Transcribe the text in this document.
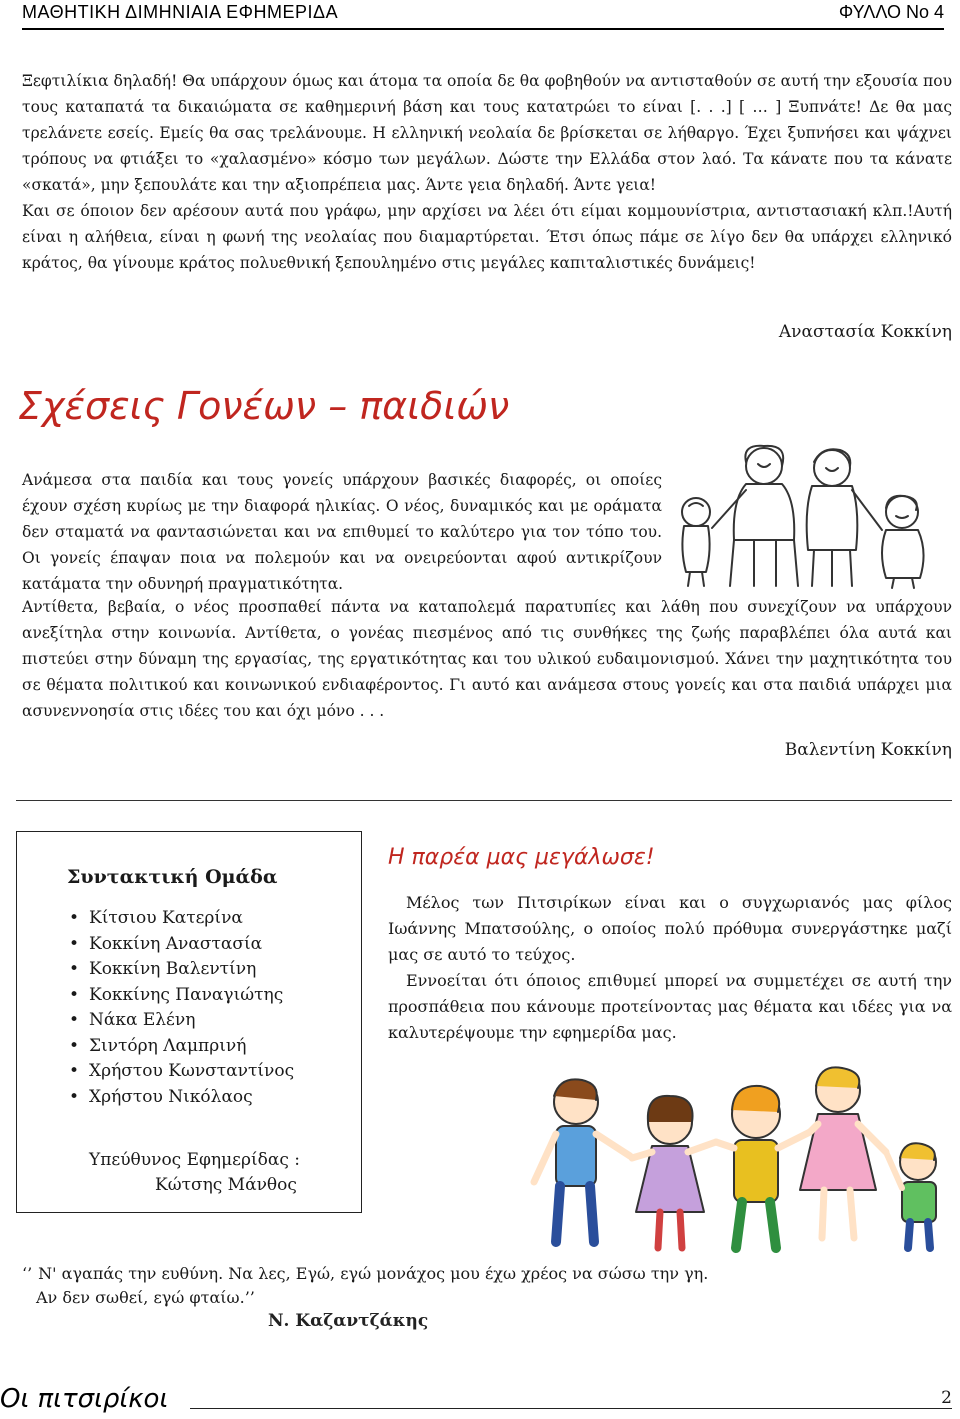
ΜΑΘΗΤΙΚΗ ΔΙΜΗΝΙΑΙΑ ΕΦΗΜΕΡΙΔΑ	ΦΥΛΛΟ Νο 4

Ξεφτιλίκια δηλαδή! Θα υπάρχουν όμως και άτομα τα οποία δε θα φοβηθούν να αντισταθούν σε αυτή την εξουσία που τους καταπατά τα δικαιώματα σε καθημερινή βάση και τους κατατρώει το είναι [. . .] [ … ] Ξυπνάτε! Δε θα μας τρελάνετε εσείς. Εμείς θα σας τρελάνουμε. Η ελληνική νεολαία δε βρίσκεται σε λήθαργο. Έχει ξυπνήσει και ψάχνει τρόπους να φτιάξει το «χαλασμένο» κόσμο των μεγάλων. Δώστε την Ελλάδα στον λαό. Τα κάνατε που τα κάνατε «σκατά», μην ξεπουλάτε και την αξιοπρέπεια μας. Άντε γεια δηλαδή. Άντε γεια!

Και σε όποιον δεν αρέσουν αυτά που γράφω, μην αρχίσει να λέει ότι είμαι κομμουνίστρια, αντιστασιακή κλπ.!Αυτή είναι η αλήθεια, είναι η φωνή της νεολαίας που διαμαρτύρεται. Έτσι όπως πάμε σε λίγο δεν θα υπάρχει ελληνικό κράτος, θα γίνουμε κράτος πολυεθνική ξεπουλημένο στις μεγάλες καπιταλιστικές δυνάμεις!

Αναστασία Κοκκίνη
Σχέσεις Γονέων – παιδιών

Ανάμεσα στα παιδία και τους γονείς υπάρχουν βασικές διαφορές, οι οποίες έχουν σχέση κυρίως με την διαφορά ηλικίας. Ο νέος, δυναμικός και με οράματα δεν σταματά να φαντασιώνεται και να επιθυμεί το καλύτερο για τον τόπο του. Οι γονείς έπαψαν ποια να πολεμούν και να ονειρεύονται αφού αντικρίζουν κατάματα την οδυνηρή πραγματικότητα.

Αντίθετα, βεβαία, ο νέος προσπαθεί πάντα να καταπολεμά παρατυπίες και λάθη που συνεχίζουν να υπάρχουν ανεξίτηλα στην κοινωνία. Αντίθετα, ο γονέας πιεσμένος από τις συνθήκες της ζωής παραβλέπει όλα αυτά και πιστεύει στην δύναμη της εργασίας, της εργατικότητας και του υλικού ευδαιμονισμού. Χάνει την μαχητικότητα του σε θέματα πολιτικού και κοινωνικού ενδιαφέροντος. Γι αυτό και ανάμεσα στους γονείς και στα παιδιά υπάρχει μια ασυνεννοησία στις ιδέες του και όχι μόνο . . .

Βαλεντίνη Κοκκίνη
Συντακτική Ομάδα
• Κίτσιου Κατερίνα
• Κοκκίνη Αναστασία
• Κοκκίνη Βαλεντίνη
• Κοκκίνης Παναγιώτης
• Νάκα Ελένη
• Σιντόρη Λαμπρινή
• Χρήστου Κωνσταντίνος
• Χρήστου Νικόλαος
Υπεύθυνος Εφημερίδας :
Κώτσης Μάνθος
Η παρέα μας μεγάλωσε!

Μέλος των Πιτσιρίκων είναι και ο συγχωριανός μας φίλος Ιωάννης Μπατσούλης, ο οποίος πολύ πρόθυμα συνεργάστηκε μαζί μας σε αυτό το τεύχος.

Εννοείται ότι όποιος επιθυμεί μπορεί να συμμετέχει σε αυτή την προσπάθεια που κάνουμε προτείνοντας μας θέματα και ιδέες για να καλυτερέψουμε την εφημερίδα μας.

‘’ Ν' αγαπάς την ευθύνη. Να λες, Εγώ, εγώ μονάχος μου έχω χρέος να σώσω την γη.
Αν δεν σωθεί, εγώ φταίω.’’
Ν. Καζαντζάκης
Οι πιτσιρίκοι	2
